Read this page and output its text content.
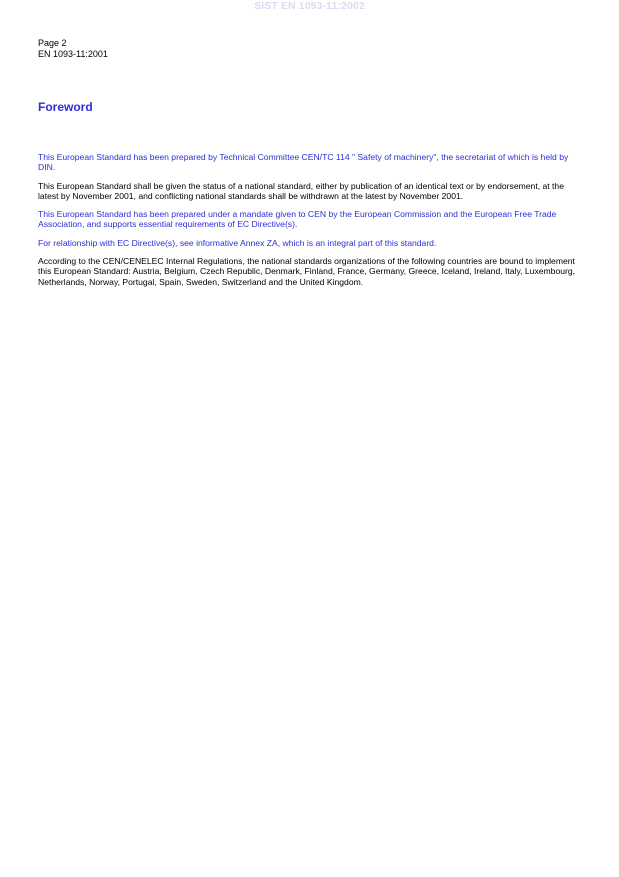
SIST EN 1093-11:2002
Page 2
EN 1093-11:2001
Foreword

This European Standard has been prepared by Technical Committee CEN/TC 114 " Safety of machinery", the secretariat of which is held by DIN.

This European Standard shall be given the status of a national standard, either by publication of an identical text or by endorsement, at the latest by November 2001, and conflicting national standards shall be withdrawn at the latest by November 2001.

This European Standard has been prepared under a mandate given to CEN by the European Commission and the European Free Trade Association, and supports essential requirements of EC Directive(s).

For relationship with EC Directive(s), see informative Annex ZA, which is an integral part of this standard.

According to the CEN/CENELEC Internal Regulations, the national standards organizations of the following countries are bound to implement this European Standard: Austria, Belgium, Czech Republic, Denmark, Finland, France, Germany, Greece, Iceland, Ireland, Italy, Luxembourg, Netherlands, Norway, Portugal, Spain, Sweden, Switzerland and the United Kingdom.
